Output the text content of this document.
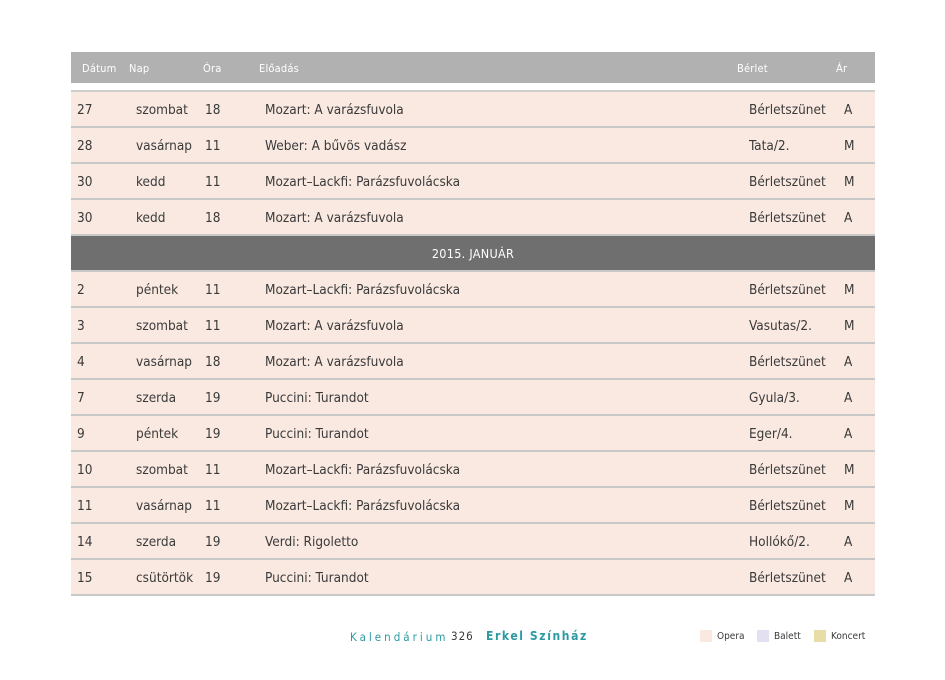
Dátum Nap	Óra	Előadás	Bérlet	Ár
27	szombat 18	Mozart: A varázsfuvola	Bérletszünet A
28	vasárnap 11	Weber: A bűvös vadász	Tata/2.	M
30	kedd	11	Mozart–Lackfi: Parázsfuvolácska	Bérletszünet M
30	kedd	18	Mozart: A varázsfuvola	Bérletszünet A
2015. JANUÁR
2	péntek 11	Mozart–Lackfi: Parázsfuvolácska	Bérletszünet M
3	szombat 11	Mozart: A varázsfuvola	Vasutas/2. M
4	vasárnap 18	Mozart: A varázsfuvola	Bérletszünet A
7	szerda 19	Puccini: Turandot	Gyula/3.	A
9	péntek 19	Puccini: Turandot	Eger/4.	A
10	szombat 11	Mozart–Lackfi: Parázsfuvolácska	Bérletszünet M
11	vasárnap 11	Mozart–Lackfi: Parázsfuvolácska	Bérletszünet M
14	szerda 19	Verdi: Rigoletto	Hollókő/2.	A
15	csütörtök 19	Puccini: Turandot	Bérletszünet A
Kalendárium 326 Erkel Színház	Opera	Balett	Koncert
